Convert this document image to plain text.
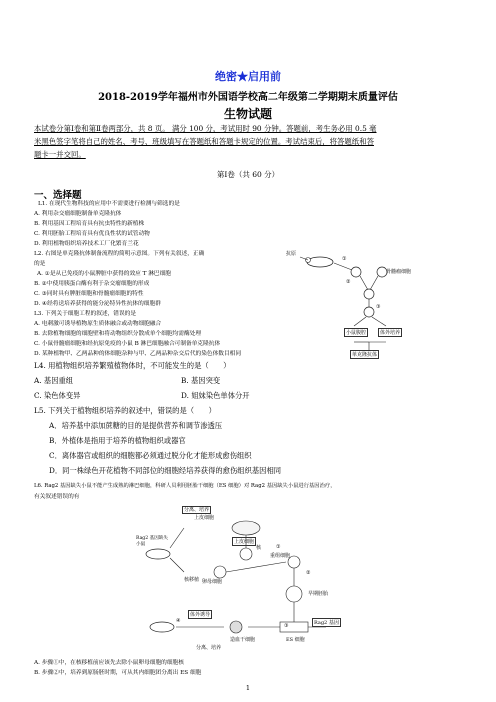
绝密★启用前
2018-2019学年福州市外国语学校高二年级第二学期期末质量评估
生物试题
本试卷分第Ⅰ卷和第Ⅱ卷两部分，共 8 页。 满分 100 分，考试用时 90 分钟。答题前，考生务必用 0.5 毫
米黑色签字笔将自己的姓名、考号、班级填写在答题纸和答题卡规定的位置。考试结束后，将答题纸和答
题卡一并交回。
第Ⅰ卷（共 60 分）
一、选择题
L1. 在现代生物科技的应用中不需要进行检测与筛选的是
A. 利用杂交瘤细胞制备单克隆抗体
B. 利用基因工程培育具有抗虫特性的新植株
C. 利用胚胎工程培育具有优良性状的试管动物
D. 利用植物组织培养技术工厂化繁育兰花
L2. 右图是单克隆抗体制备流程的简明示意图。下列有关叙述，正确
的是
A. ①是从已免疫的小鼠脾脏中获得的效应 T 淋巴细胞
B. ②中使用胰蛋白酶有利于杂交瘤细胞的形成
C. ③同时具有脾脏细胞和骨髓瘤细胞的特性
D. ④经将送培养获得的能分泌特异性抗体的细胞群
L3. 下列关于细胞工程的叙述，错误的是
A. 电刺激可诱导植物原生质体融合或动物细胞融合
B. 去除植物细胞的细胞壁和将动物组织分散成单个细胞均需酶处理
C. 小鼠骨髓瘤细胞和经抗原免疫的小鼠 B 淋巴细胞融合可制备单克隆抗体
D. 某种植物甲、乙两品种的体细胞杂种与甲、乙两品种杂交后代的染色体数目相同
L4. 用植物组织培养繁殖植物体时，不可能发生的是（　　）
A. 基因重组	B. 基因突变
C. 染色体变异	D. 姐妹染色单体分开
L5. 下列关于植物组织培养的叙述中，错误的是（　　）
A．培养基中添加蔗糖的目的是提供营养和调节渗透压
B．外植体是指用于培养的植物组织或器官
C．离体器官或组织的细胞都必须通过脱分化才能形成愈伤组织
D．同一株绿色开花植物不同部位的细胞经培养获得的愈伤组织基因相同
L6. Rag2 基因缺失小鼠不能产生成熟的淋巴细胞，科研人员利用胚胎干细胞（ES 细胞）对 Rag2 基因缺失小鼠进行基因治疗，
有关叙述错误的有
A. 步骤①中，在核移植前应该先去除小鼠卵母细胞的细胞核
B. 步骤②中，培养到原肠胚时期，可从其内细胞团分离出 ES 细胞
抗原
①
骨髓瘤细胞
②
③
小鼠腹腔	体外培养
单克隆抗体
分离、培养
上皮细胞
Rag2 基因缺失小鼠	上皮细胞
核	①
核移植 卵母细胞
重组细胞
②
早期胚胎
体外诱导
造血干细胞	ES 细胞
③	Rag2 基因
④
分离、培养
1
